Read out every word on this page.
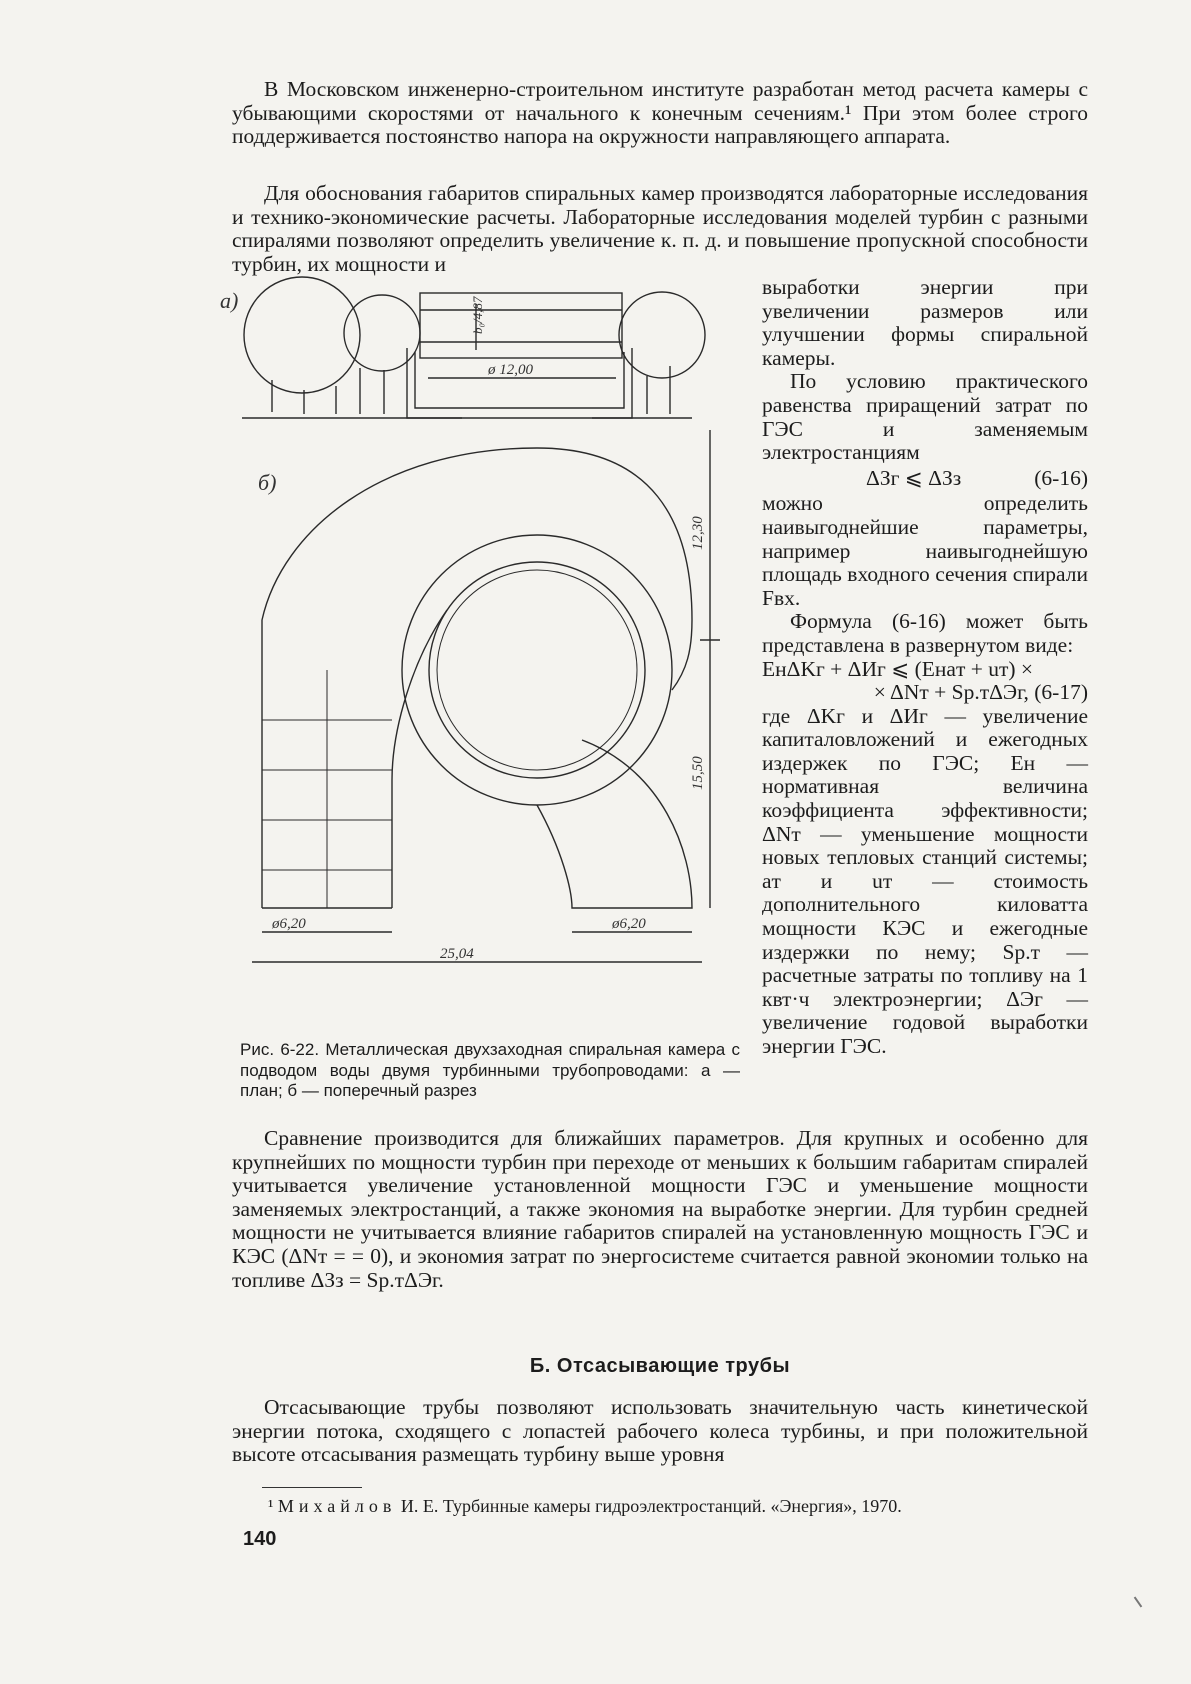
В Московском инженерно-строительном институте разработан метод расчета камеры с убывающими скоростями от начального к конечным сечениям.¹ При этом более строго поддерживается постоянство напора на окружности направляющего аппарата.

Для обоснования габаритов спиральных камер производятся лабораторные исследования и технико-экономические расчеты. Лабораторные исследования моделей турбин с разными спиралями позволяют определить увеличение к. п. д. и повышение пропускной способности турбин, их мощности и

а)	b₀/4,87
ø 12,00
б)
12,30
15,50
ø6,20	ø6,20
25,04
Рис. 6-22. Металлическая двухзаходная спиральная камера с подводом воды двумя турбинными трубопроводами: а — план; б — поперечный разрез

выработки энергии при увеличении размеров или улучшении формы спиральной камеры.

По условию практического равенства приращений затрат по ГЭС и заменяемым электростанциям

ΔЗг ⩽ ΔЗз	(6-16)

можно определить наивыгоднейшие параметры, например наивыгоднейшую площадь входного сечения спирали Fвх.

Формула (6-16) может быть представлена в развернутом виде:

EнΔKг + ΔИг ⩽ (Eнaт + uт) ×

× ΔNт + Sр.тΔЭг, (6-17)

где ΔKг и ΔИг — увеличение капиталовложений и ежегодных издержек по ГЭС; Eн — нормативная величина коэффициента эффективности; ΔNт — уменьшение мощности новых тепловых станций системы; aт и uт — стоимость дополнительного киловатта мощности КЭС и ежегодные издержки по нему; Sр.т — расчетные затраты по топливу на 1 квт·ч электроэнергии; ΔЭг — увеличение годовой выработки энергии ГЭС.

Сравнение производится для ближайших параметров. Для крупных и особенно для крупнейших по мощности турбин при переходе от меньших к большим габаритам спиралей учитывается увеличение установленной мощности ГЭС и уменьшение мощности заменяемых электростанций, а также экономия на выработке энергии. Для турбин средней мощности не учитывается влияние габаритов спиралей на установленную мощность ГЭС и КЭС (ΔNт = = 0), и экономия затрат по энергосистеме считается равной экономии только на топливе ΔЗз = Sр.тΔЭг.

Б. Отсасывающие трубы

Отсасывающие трубы позволяют использовать значительную часть кинетической энергии потока, сходящего с лопастей рабочего колеса турбины, и при положительной высоте отсасывания размещать турбину выше уровня

¹ Михайлов И. Е. Турбинные камеры гидроэлектростанций. «Энергия», 1970.
140
